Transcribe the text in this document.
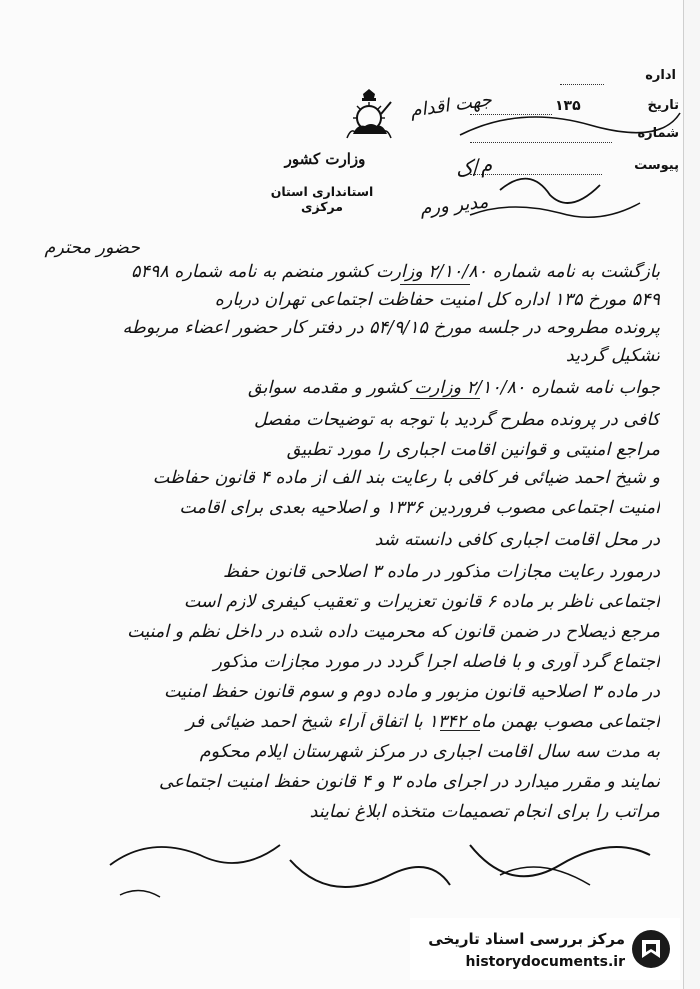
اداره
تاریخ
۱۳۵
شماره
پیوست
وزارت کشور
استانداری استان مرکزی
جهت اقدام
م/ک
مدیر ورم
حضور محترم
بازگشت به نامه شماره ۲/۱۰/۸۰ وزارت کشور منضم به نامه شماره ۵۴۹۸
۵۴۹ مورخ ۱۳۵ اداره کل امنیت حفاظت اجتماعی تهران درباره
پرونده مطروحه در جلسه مورخ ۵۴/۹/۱۵ در دفتر کار حضور اعضاء مربوطه
تشکیل گردید
جواب نامه شماره ۲/۱۰/۸۰ وزارت کشور و مقدمه سوابق
کافی در پرونده مطرح گردید با توجه به توضیحات مفصل
مراجع امنیتی و قوانین اقامت اجباری را مورد تطبیق
و شیخ احمد ضیائی فر کافی با رعایت بند الف از ماده ۴ قانون حفاظت
امنیت اجتماعی مصوب فروردین ۱۳۳۶ و اصلاحیه بعدی برای اقامت
در محل اقامت اجباری کافی دانسته شد
درمورد رعایت مجازات مذکور در ماده ۳ اصلاحی قانون حفظ
اجتماعی ناظر بر ماده ۶ قانون تعزیرات و تعقیب کیفری لازم است
مرجع ذیصلاح در ضمن قانون که محرمیت داده شده در داخل نظم و امنیت
اجتماع گرد آوری و با فاصله اجرا گردد در مورد مجازات مذکور
در ماده ۳ اصلاحیه قانون مزبور و ماده دوم و سوم قانون حفظ امنیت
اجتماعی مصوب بهمن ماه ۱۳۴۲ با اتفاق آراء شیخ احمد ضیائی فر
به مدت سه سال اقامت اجباری در مرکز شهرستان ایلام محکوم
نمایند و مقرر میدارد در اجرای ماده ۳ و ۴ قانون حفظ امنیت اجتماعی
مراتب را برای انجام تصمیمات متخذه ابلاغ نمایند
مرکز بررسی اسناد تاریخی
historydocuments.ir
